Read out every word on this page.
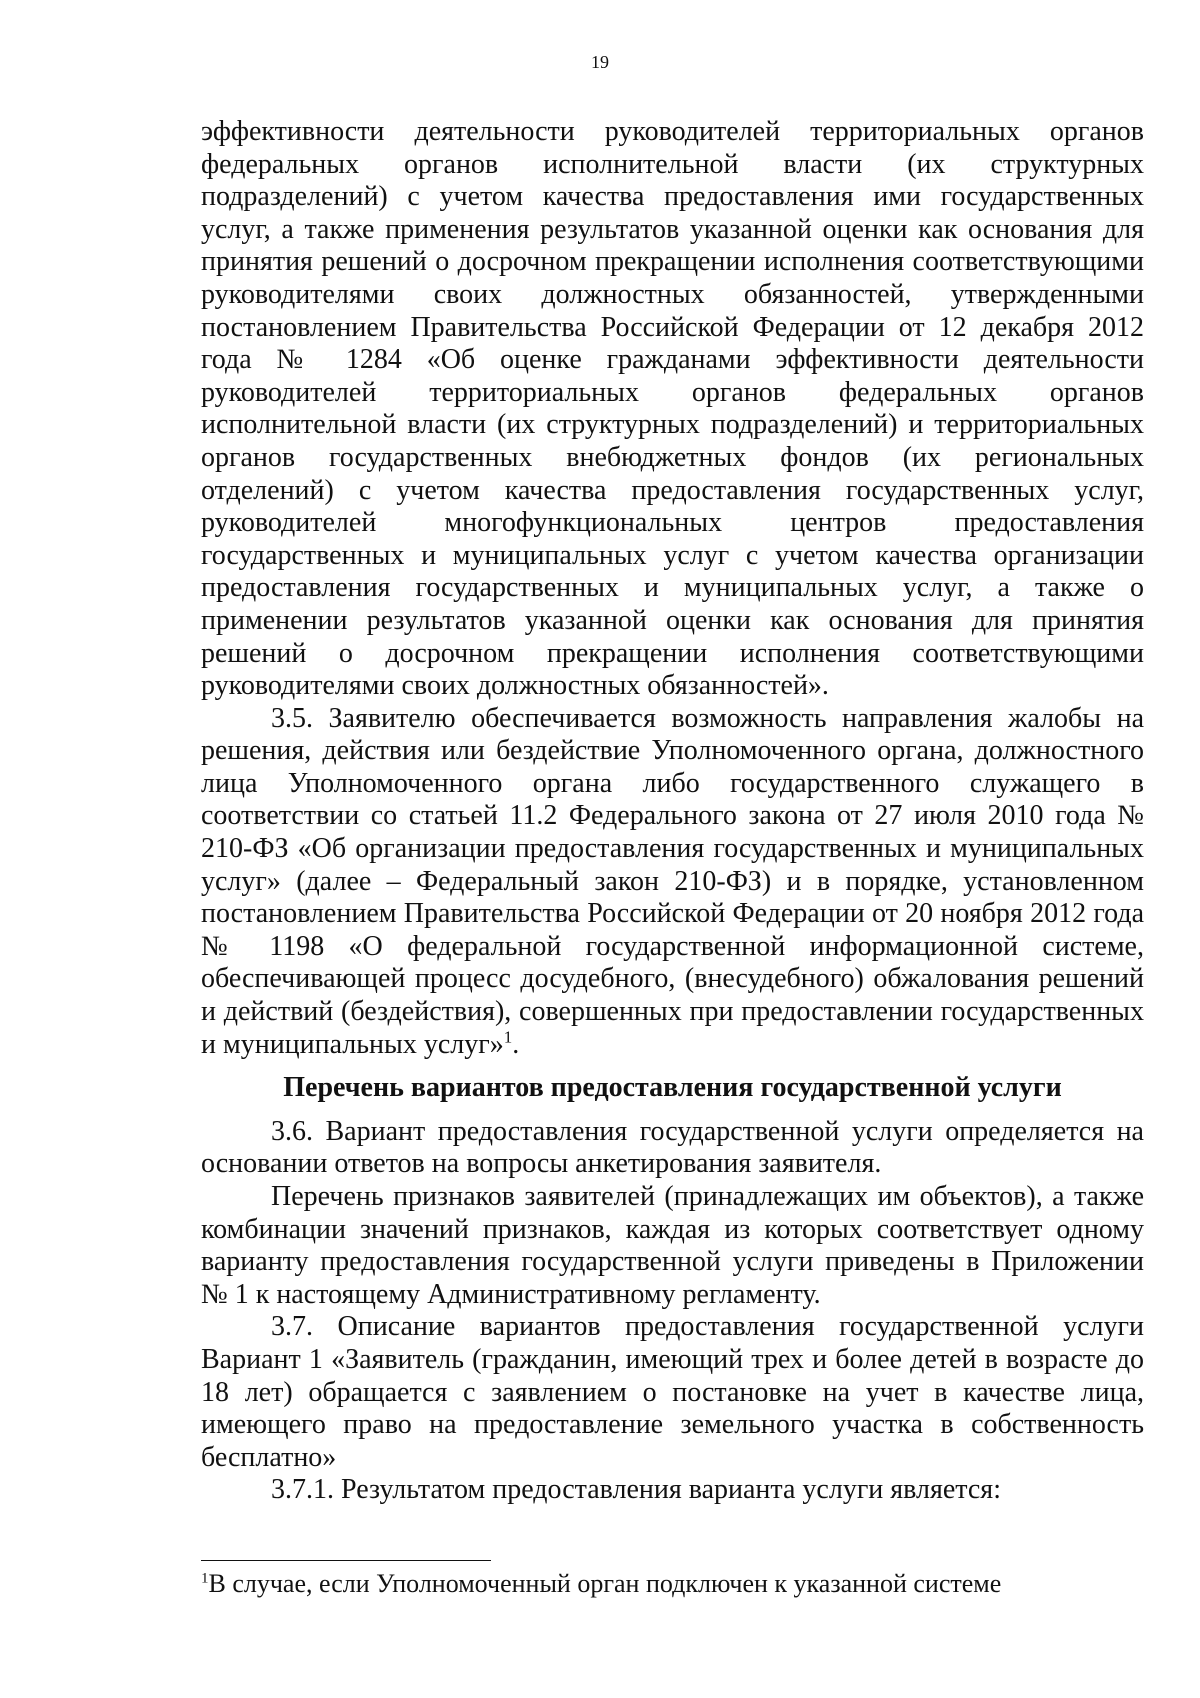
19

эффективности деятельности руководителей территориальных органов федеральных органов исполнительной власти (их структурных подразделений) с учетом качества предоставления ими государственных услуг, а также применения результатов указанной оценки как основания для принятия решений о досрочном прекращении исполнения соответствующими руководителями своих должностных обязанностей, утвержденными постановлением Правительства Российской Федерации от 12 декабря 2012 года № 1284 «Об оценке гражданами эффективности деятельности руководителей территориальных органов федеральных органов исполнительной власти (их структурных подразделений) и территориальных органов государственных внебюджетных фондов (их региональных отделений) с учетом качества предоставления государственных услуг, руководителей многофункциональных центров предоставления государственных и муниципальных услуг с учетом качества организации предоставления государственных и муниципальных услуг, а также о применении результатов указанной оценки как основания для принятия решений о досрочном прекращении исполнения соответствующими руководителями своих должностных обязанностей».

3.5. Заявителю обеспечивается возможность направления жалобы на решения, действия или бездействие Уполномоченного органа, должностного лица Уполномоченного органа либо государственного служащего в соответствии со статьей 11.2 Федерального закона от 27 июля 2010 года № 210-ФЗ «Об организации предоставления государственных и муниципальных услуг» (далее – Федеральный закон 210-ФЗ) и в порядке, установленном постановлением Правительства Российской Федерации от 20 ноября 2012 года № 1198 «О федеральной государственной информационной системе, обеспечивающей процесс досудебного, (внесудебного) обжалования решений и действий (бездействия), совершенных при предоставлении государственных и муниципальных услуг»$^1$.

Перечень вариантов предоставления государственной услуги

3.6. Вариант предоставления государственной услуги определяется на основании ответов на вопросы анкетирования заявителя.

Перечень признаков заявителей (принадлежащих им объектов), а также комбинации значений признаков, каждая из которых соответствует одному варианту предоставления государственной услуги приведены в Приложении № 1 к настоящему Административному регламенту.

3.7. Описание вариантов предоставления государственной услуги Вариант 1 «Заявитель (гражданин, имеющий трех и более детей в возрасте до 18 лет) обращается с заявлением о постановке на учет в качестве лица, имеющего право на предоставление земельного участка в собственность бесплатно»

3.7.1. Результатом предоставления варианта услуги является:

$^1$В случае, если Уполномоченный орган подключен к указанной системе
